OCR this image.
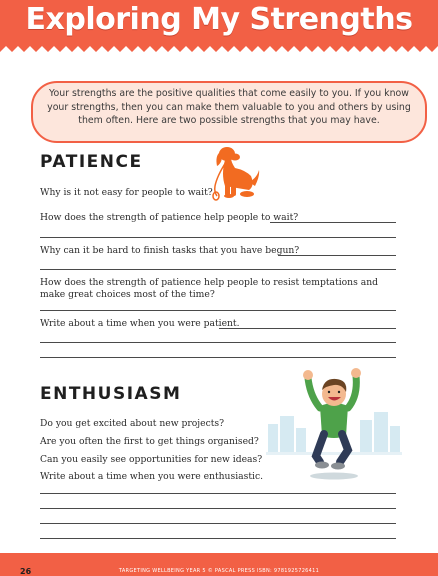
Exploring My Strengths
Your strengths are the positive qualities that come easily to you. If you know your strengths, then you can make them valuable to you and others by using them often. Here are two possible strengths that you may have.
PATIENCE
Why is it not easy for people to wait?
How does the strength of patience help people to wait?
Why can it be hard to finish tasks that you have begun?
How does the strength of patience help people to resist temptations and make great choices most of the time?
Write about a time when you were patient.
ENTHUSIASM
Do you get excited about new projects?
Are you often the first to get things organised?
Can you easily see opportunities for new ideas?
Write about a time when you were enthusiastic.
26	TARGETING WELLBEING YEAR 5 © PASCAL PRESS ISBN: 9781925726411
